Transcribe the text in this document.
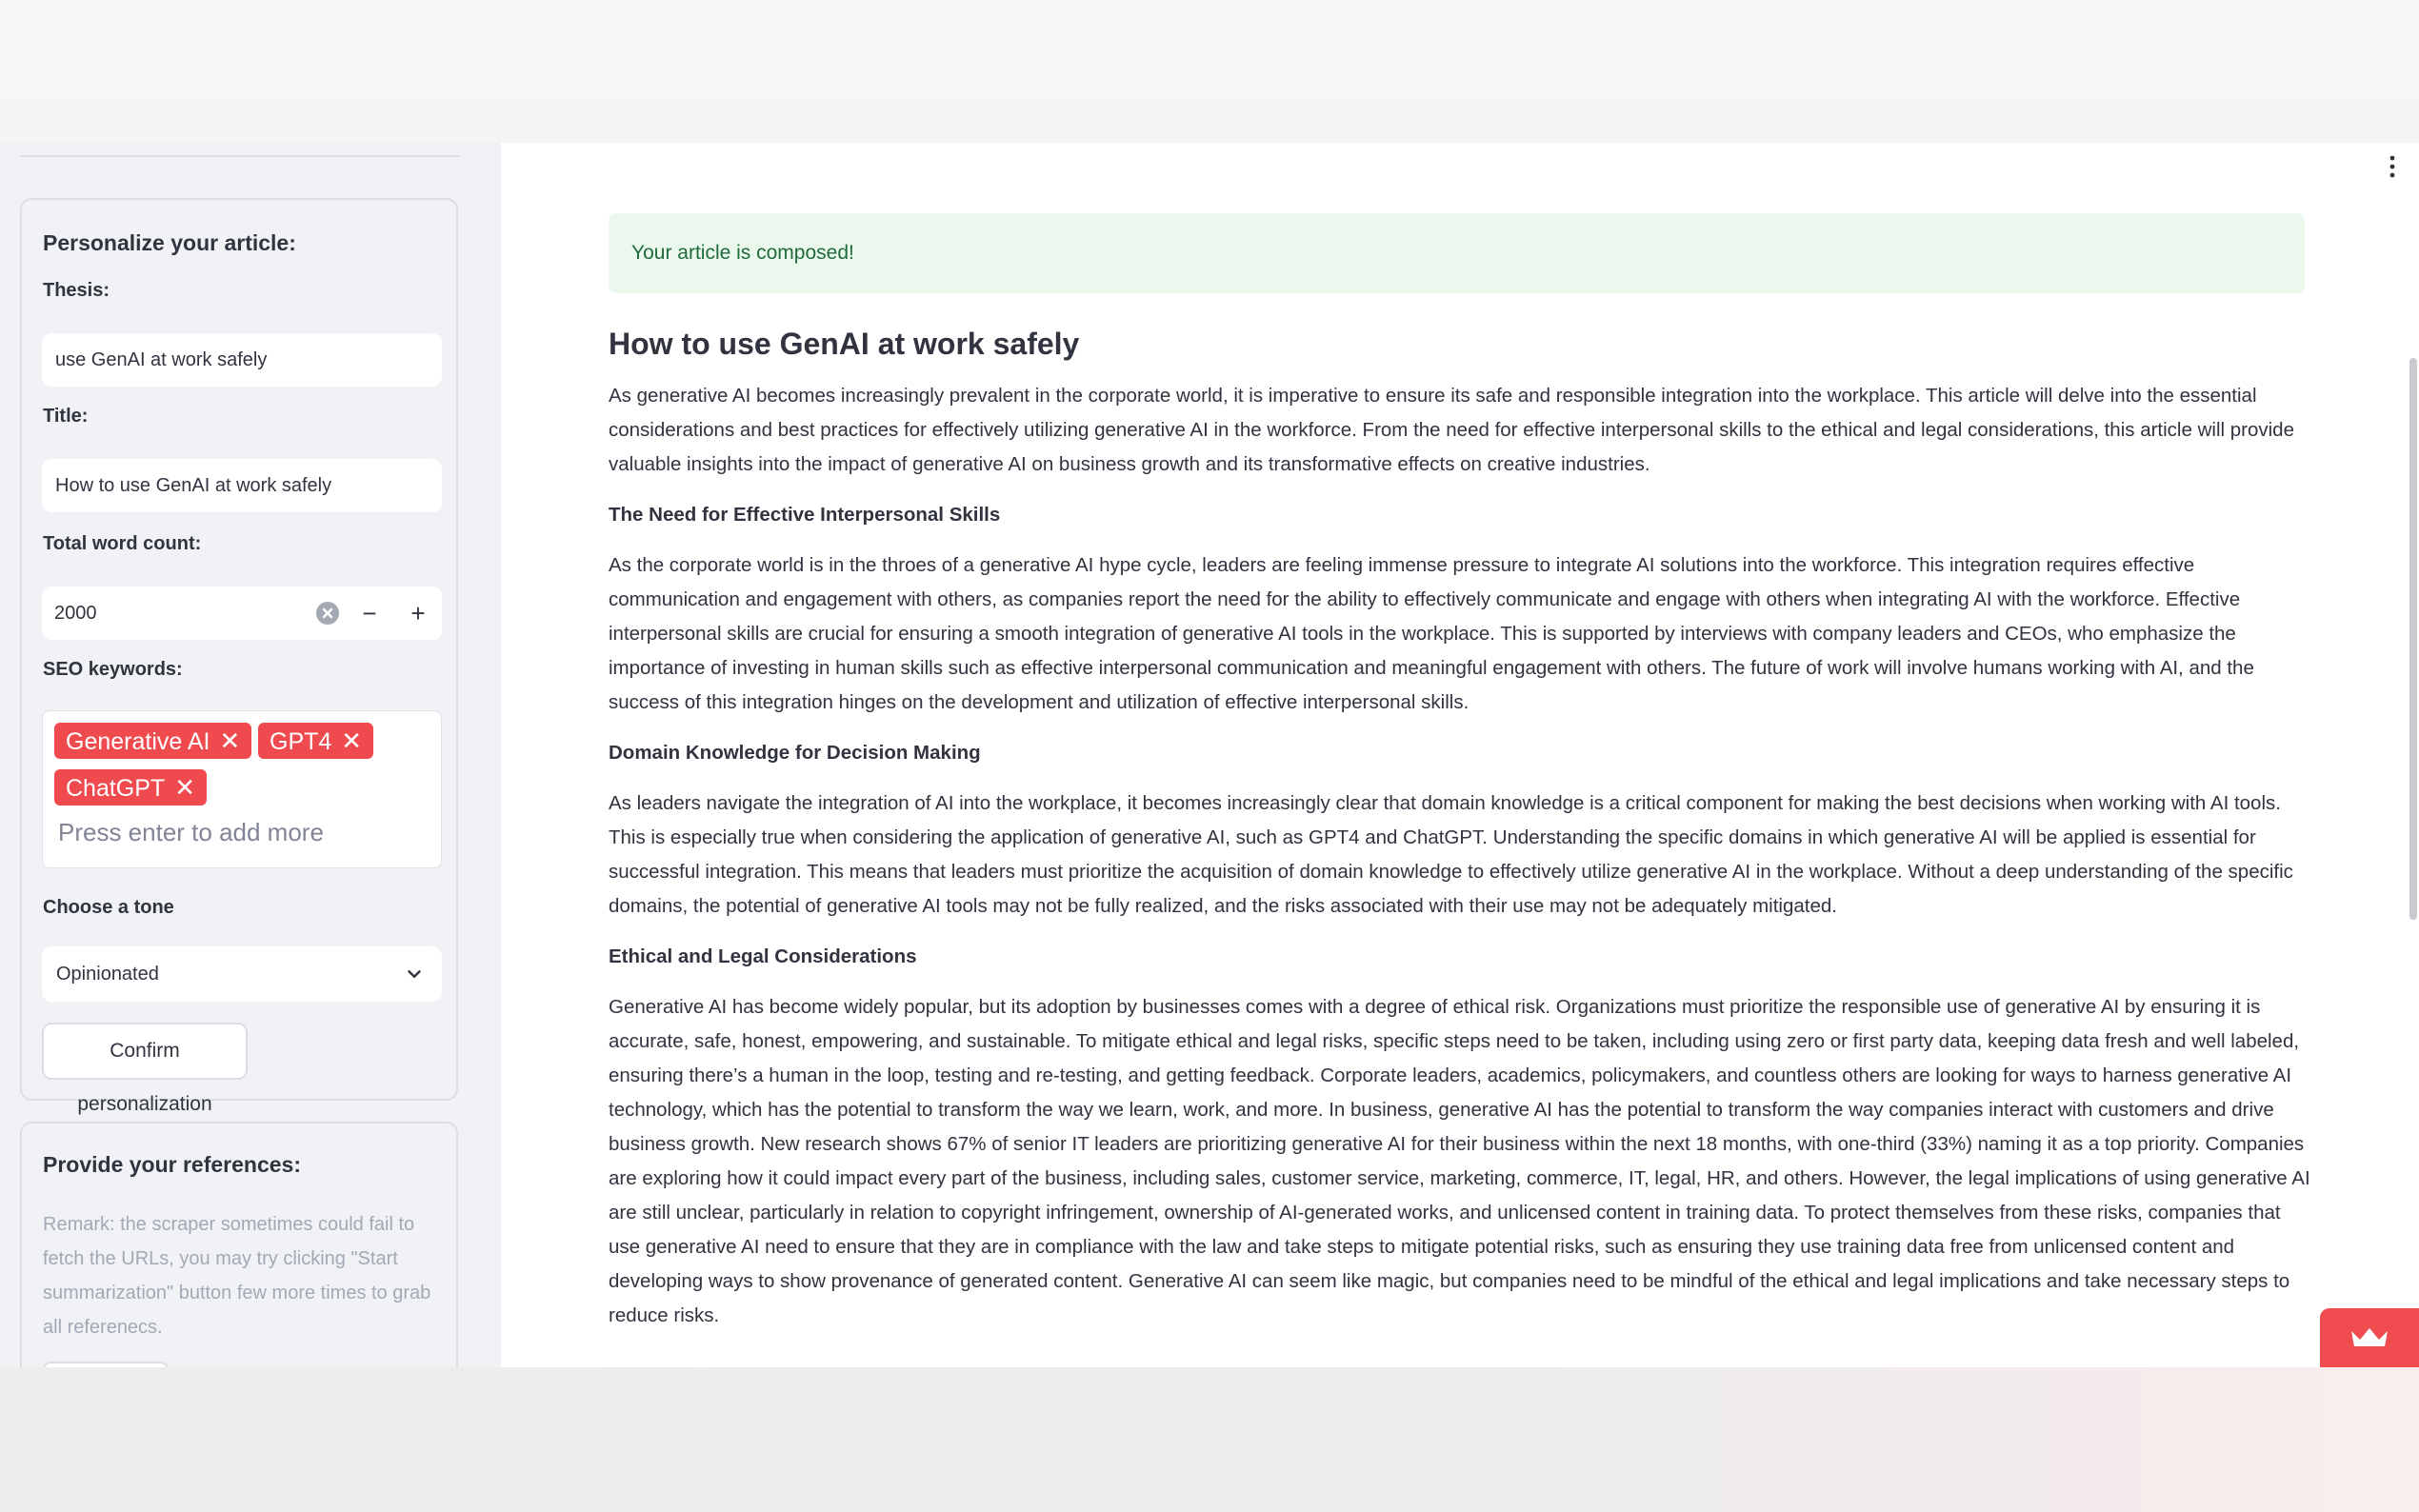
Personalize your article:
Thesis:
use GenAI at work safely
Title:
How to use GenAI at work safely
Total word count:
2000	−	+
SEO keywords:
Generative AI ✕	GPT4 ✕
ChatGPT ✕
Press enter to add more
Choose a tone
Opinionated
Confirm personalization
Provide your references:
Remark: the scraper sometimes could fail to fetch the URLs, you may try clicking "Start summarization" button few more times to grab all referenecs.
Your article is composed!
How to use GenAI at work safely

As generative AI becomes increasingly prevalent in the corporate world, it is imperative to ensure its safe and responsible integration into the workplace. This article will delve into the essential considerations and best practices for effectively utilizing generative AI in the workforce. From the need for effective interpersonal skills to the ethical and legal considerations, this article will provide valuable insights into the impact of generative AI on business growth and its transformative effects on creative industries.

The Need for Effective Interpersonal Skills

As the corporate world is in the throes of a generative AI hype cycle, leaders are feeling immense pressure to integrate AI solutions into the workforce. This integration requires effective communication and engagement with others, as companies report the need for the ability to effectively communicate and engage with others when integrating AI with the workforce. Effective interpersonal skills are crucial for ensuring a smooth integration of generative AI tools in the workplace. This is supported by interviews with company leaders and CEOs, who emphasize the importance of investing in human skills such as effective interpersonal communication and meaningful engagement with others. The future of work will involve humans working with AI, and the success of this integration hinges on the development and utilization of effective interpersonal skills.

Domain Knowledge for Decision Making

As leaders navigate the integration of AI into the workplace, it becomes increasingly clear that domain knowledge is a critical component for making the best decisions when working with AI tools. This is especially true when considering the application of generative AI, such as GPT4 and ChatGPT. Understanding the specific domains in which generative AI will be applied is essential for successful integration. This means that leaders must prioritize the acquisition of domain knowledge to effectively utilize generative AI in the workplace. Without a deep understanding of the specific domains, the potential of generative AI tools may not be fully realized, and the risks associated with their use may not be adequately mitigated.

Ethical and Legal Considerations

Generative AI has become widely popular, but its adoption by businesses comes with a degree of ethical risk. Organizations must prioritize the responsible use of generative AI by ensuring it is accurate, safe, honest, empowering, and sustainable. To mitigate ethical and legal risks, specific steps need to be taken, including using zero or first party data, keeping data fresh and well labeled, ensuring there’s a human in the loop, testing and re-testing, and getting feedback. Corporate leaders, academics, policymakers, and countless others are looking for ways to harness generative AI technology, which has the potential to transform the way we learn, work, and more. In business, generative AI has the potential to transform the way companies interact with customers and drive business growth. New research shows 67% of senior IT leaders are prioritizing generative AI for their business within the next 18 months, with one-third (33%) naming it as a top priority. Companies are exploring how it could impact every part of the business, including sales, customer service, marketing, commerce, IT, legal, HR, and others. However, the legal implications of using generative AI are still unclear, particularly in relation to copyright infringement, ownership of AI-generated works, and unlicensed content in training data. To protect themselves from these risks, companies that use generative AI need to ensure that they are in compliance with the law and take steps to mitigate potential risks, such as ensuring they use training data free from unlicensed content and developing ways to show provenance of generated content. Generative AI can seem like magic, but companies need to be mindful of the ethical and legal implications and take necessary steps to reduce risks.
